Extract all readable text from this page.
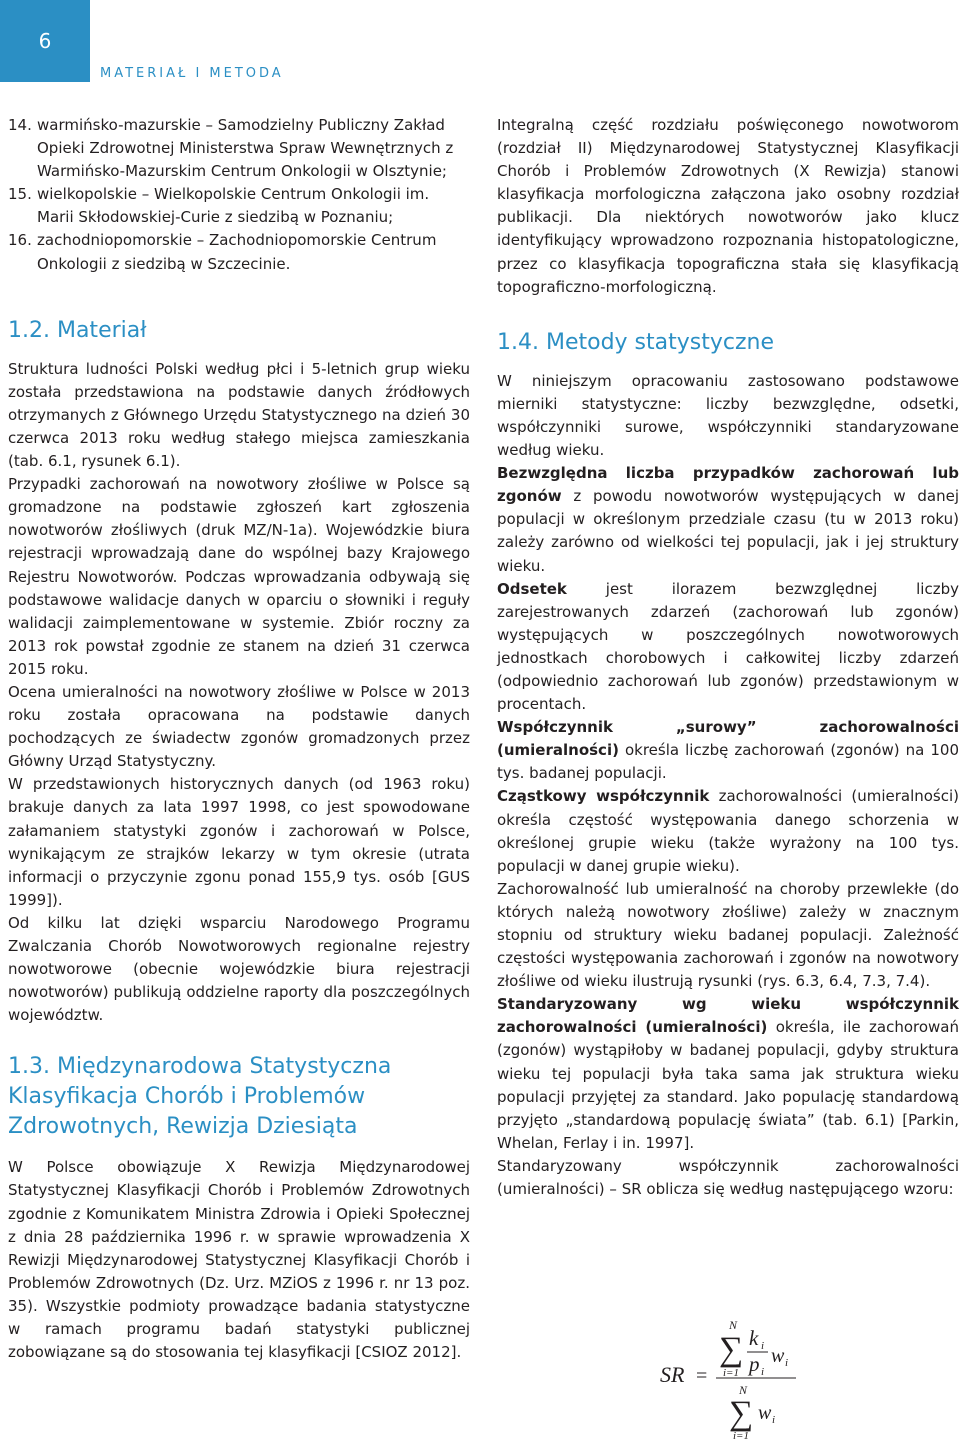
6
MATERIAŁ I METODA
14. warmińsko-mazurskie – Samodzielny Publiczny Zakład Opieki Zdrowotnej Ministerstwa Spraw Wewnętrznych z Warmińsko-Mazurskim Centrum Onkologii w Olsztynie;
15. wielkopolskie – Wielkopolskie Centrum Onkologii im. Marii Skłodowskiej-Curie z siedzibą w Poznaniu;
16. zachodniopomorskie – Zachodniopomorskie Centrum Onkologii z siedzibą w Szczecinie.
1.2. Materiał

Struktura ludności Polski według płci i 5-letnich grup wieku została przedstawiona na podstawie danych źródłowych otrzymanych z Głównego Urzędu Statystycznego na dzień 30 czerwca 2013 roku według stałego miejsca zamieszkania (tab. 6.1, rysunek 6.1).

Przypadki zachorowań na nowotwory złośliwe w Polsce są gromadzone na podstawie zgłoszeń kart zgłoszenia nowotworów złośliwych (druk MZ/N-1a). Wojewódzkie biura rejestracji wprowadzają dane do wspólnej bazy Krajowego Rejestru Nowotworów. Podczas wprowadzania odbywają się podstawowe walidacje danych w oparciu o słowniki i reguły walidacji zaimplementowane w systemie. Zbiór roczny za 2013 rok powstał zgodnie ze stanem na dzień 31 czerwca 2015 roku.

Ocena umieralności na nowotwory złośliwe w Polsce w 2013 roku została opracowana na podstawie danych pochodzących ze świadectw zgonów gromadzonych przez Główny Urząd Statystyczny.

W przedstawionych historycznych danych (od 1963 roku) brakuje danych za lata 1997 1998, co jest spowodowane załamaniem statystyki zgonów i zachorowań w Polsce, wynikającym ze strajków lekarzy w tym okresie (utrata informacji o przyczynie zgonu ponad 155,9 tys. osób [GUS 1999]).

Od kilku lat dzięki wsparciu Narodowego Programu Zwalczania Chorób Nowotworowych regionalne rejestry nowotworowe (obecnie wojewódzkie biura rejestracji nowotworów) publikują oddzielne raporty dla poszczególnych województw.

1.3. Międzynarodowa Statystyczna
Klasyfikacja Chorób i Problemów
Zdrowotnych, Rewizja Dziesiąta

W Polsce obowiązuje X Rewizja Międzynarodowej Statystycznej Klasyfikacji Chorób i Problemów Zdrowotnych zgodnie z Komunikatem Ministra Zdrowia i Opieki Społecznej z dnia 28 października 1996 r. w sprawie wprowadzenia X Rewizji Międzynarodowej Statystycznej Klasyfikacji Chorób i Problemów Zdrowotnych (Dz. Urz. MZiOS z 1996 r. nr 13 poz. 35). Wszystkie podmioty prowadzące badania statystyczne w ramach programu badań statystyki publicznej zobowiązane są do stosowania tej klasyfikacji [CSIOZ 2012].

Integralną część rozdziału poświęconego nowotworom (rozdział II) Międzynarodowej Statystycznej Klasyfikacji Chorób i Problemów Zdrowotnych (X Rewizja) stanowi klasyfikacja morfologiczna załączona jako osobny rozdział publikacji. Dla niektórych nowotworów jako klucz identyfikujący wprowadzono rozpoznania histopatologiczne, przez co klasyfikacja topograficzna stała się klasyfikacją topograficzno-morfologiczną.

1.4. Metody statystyczne

W niniejszym opracowaniu zastosowano podstawowe mierniki statystyczne: liczby bezwzględne, odsetki, współczynniki surowe, współczynniki standaryzowane według wieku.

Bezwzględna liczba przypadków zachorowań lub zgonów z powodu nowotworów występujących w danej populacji w określonym przedziale czasu (tu w 2013 roku) zależy zarówno od wielkości tej populacji, jak i jej struktury wieku.

Odsetek jest ilorazem bezwzględnej liczby zarejestrowanych zdarzeń (zachorowań lub zgonów) występujących w poszczególnych nowotworowych jednostkach chorobowych i całkowitej liczby zdarzeń (odpowiednio zachorowań lub zgonów) przedstawionym w procentach.

Współczynnik „surowy” zachorowalności (umieralności) określa liczbę zachorowań (zgonów) na 100 tys. badanej populacji.

Cząstkowy współczynnik zachorowalności (umieralności) określa częstość występowania danego schorzenia w określonej grupie wieku (także wyrażony na 100 tys. populacji w danej grupie wieku).

Zachorowalność lub umieralność na choroby przewlekłe (do których należą nowotwory złośliwe) zależy w znacznym stopniu od struktury wieku badanej populacji. Zależność częstości występowania zachorowań i zgonów na nowotwory złośliwe od wieku ilustrują rysunki (rys. 6.3, 6.4, 7.3, 7.4).

Standaryzowany wg wieku współczynnik zachorowalności (umieralności) określa, ile zachorowań (zgonów) wystąpiłoby w badanej populacji, gdyby struktura wieku tej populacji była taka sama jak struktura wieku populacji przyjętej za standard. Jako populację standardową przyjęto „standardową populację świata” (tab. 6.1) [Parkin, Whelan, Ferlay i in. 1997].

Standaryzowany współczynnik zachorowalności (umieralności) – SR oblicza się według następującego wzoru:

SR =
N
∑
i=1
k i
p i
w i
N
∑
i=1
w i
